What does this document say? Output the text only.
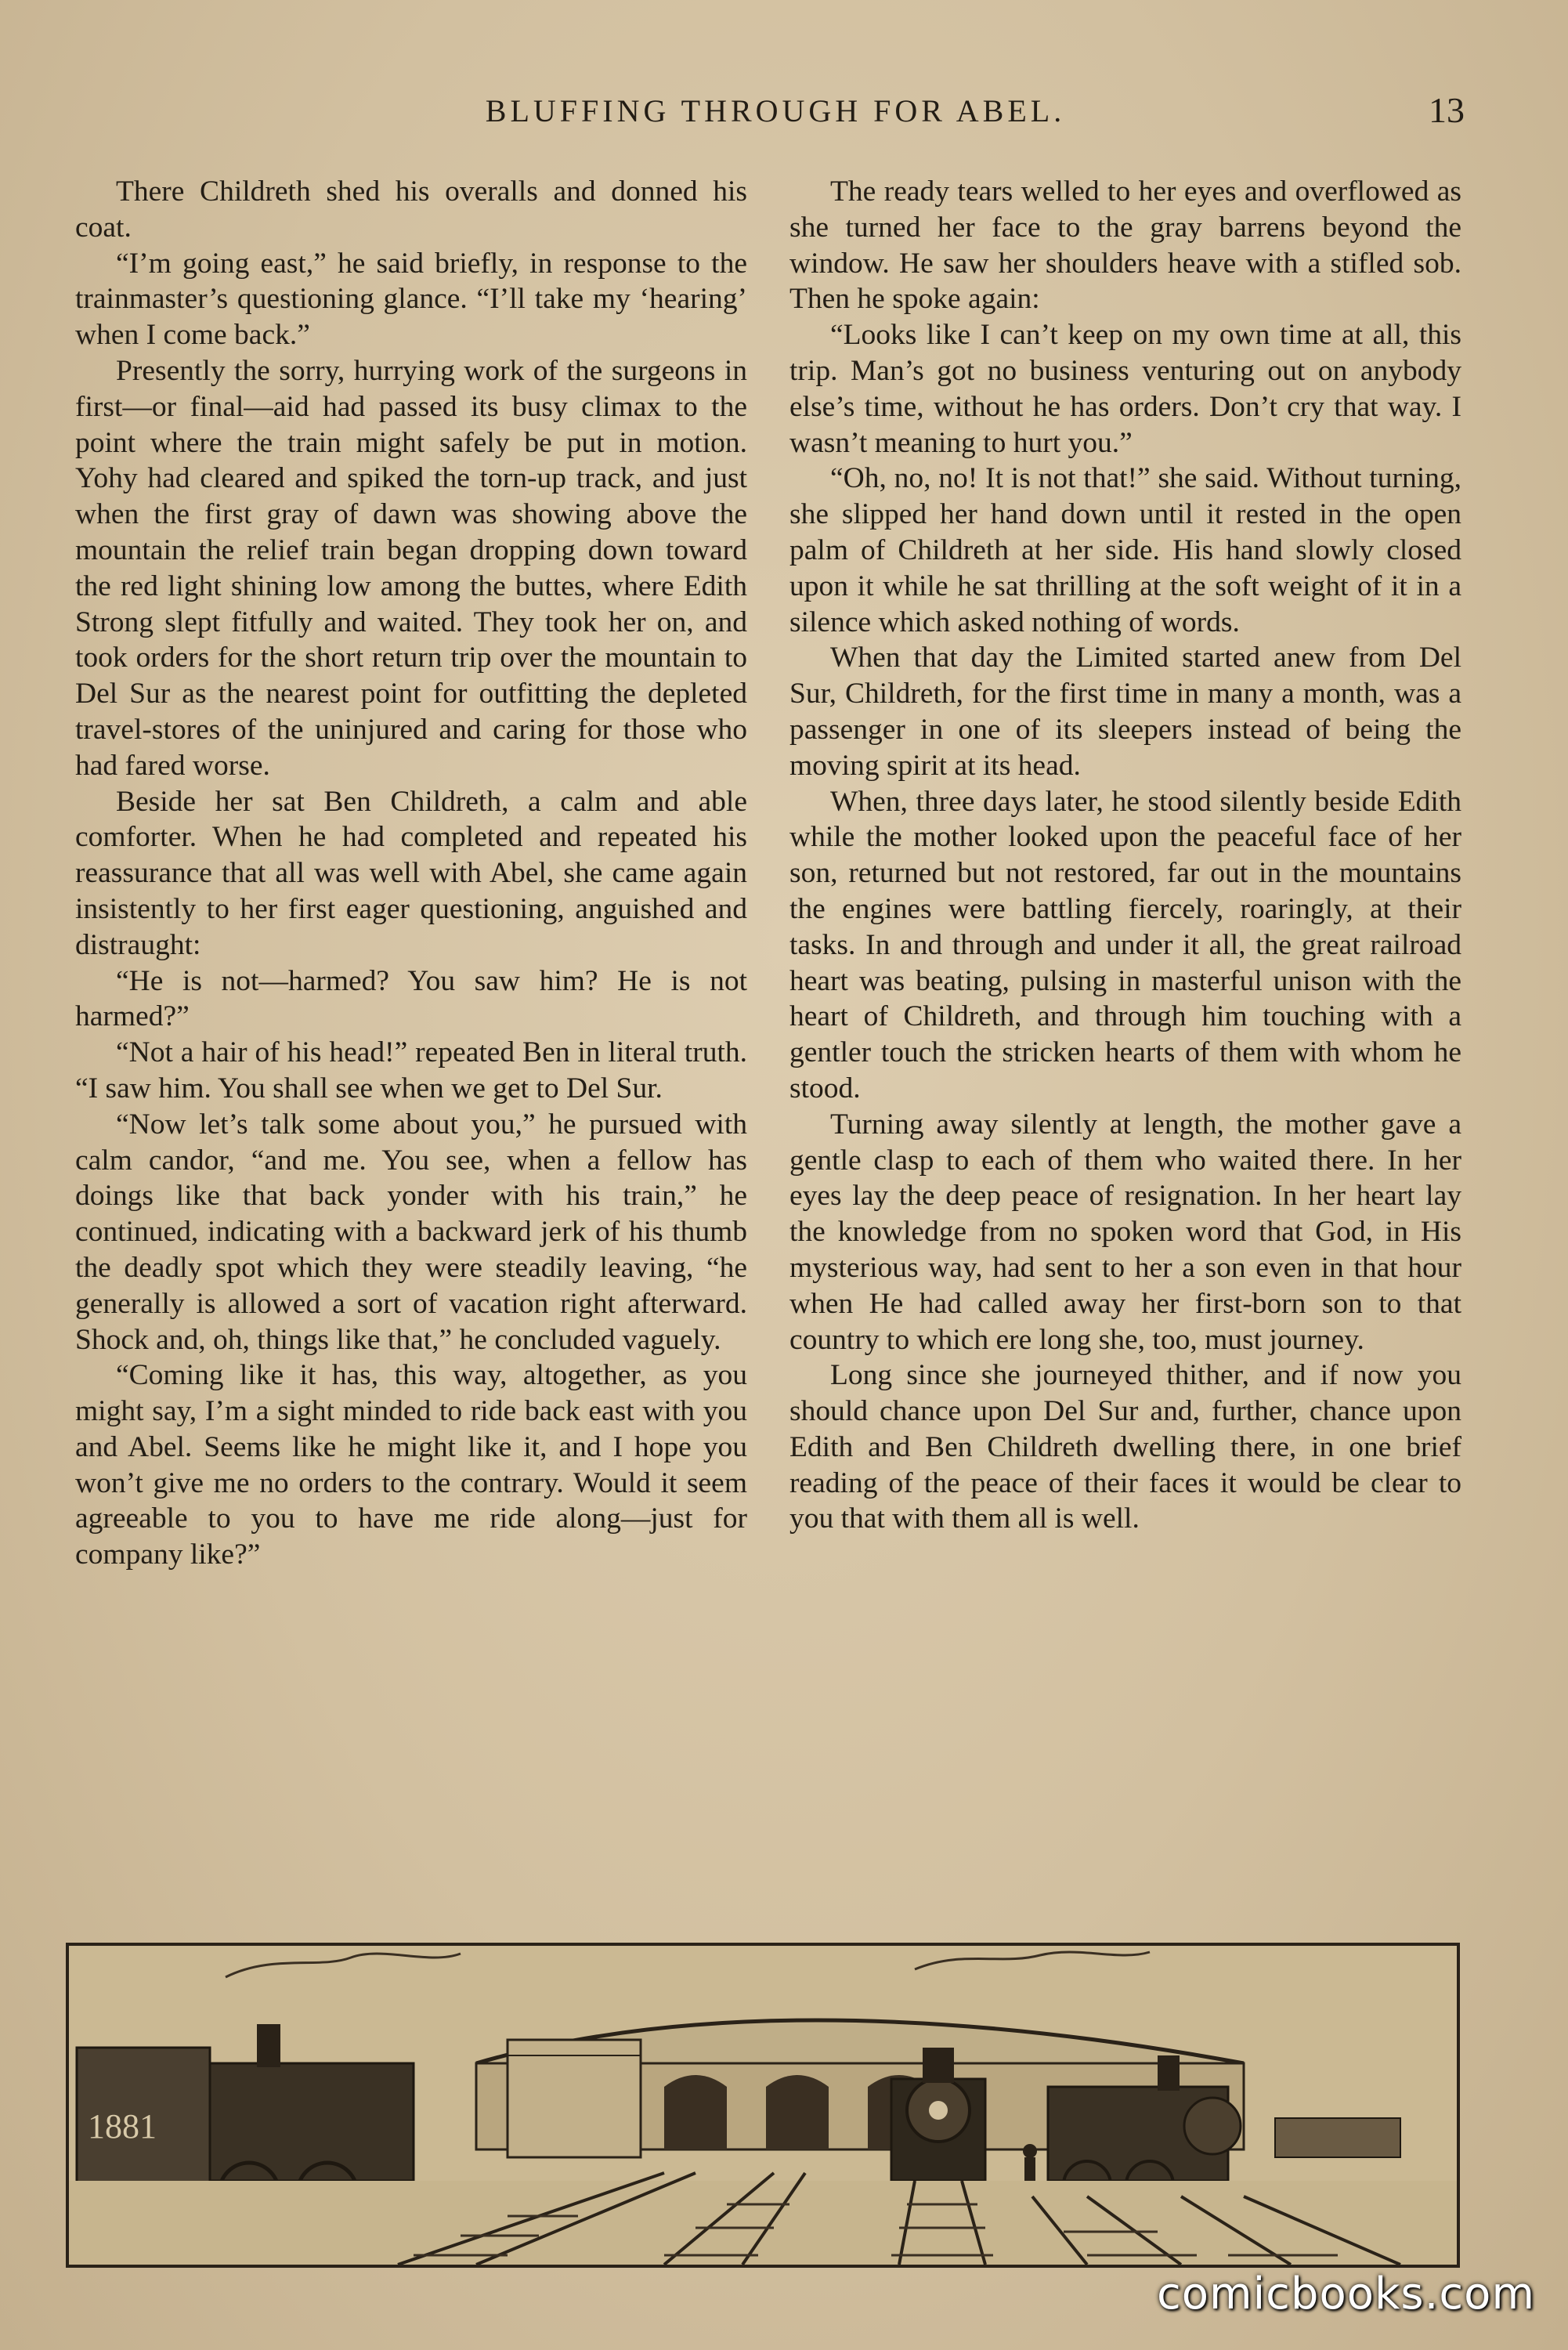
BLUFFING THROUGH FOR ABEL.	13

There Childreth shed his overalls and donned his coat.

“I’m going east,” he said briefly, in response to the trainmaster’s questioning glance. “I’ll take my ‘hearing’ when I come back.”

Presently the sorry, hurrying work of the surgeons in first—or final—aid had passed its busy climax to the point where the train might safely be put in motion. Yohy had cleared and spiked the torn-up track, and just when the first gray of dawn was showing above the mountain the relief train began dropping down toward the red light shining low among the buttes, where Edith Strong slept fitfully and waited. They took her on, and took orders for the short return trip over the mountain to Del Sur as the nearest point for outfitting the depleted travel-stores of the uninjured and caring for those who had fared worse.

Beside her sat Ben Childreth, a calm and able comforter. When he had completed and repeated his reassurance that all was well with Abel, she came again insistently to her first eager questioning, anguished and distraught:

“He is not—harmed? You saw him? He is not harmed?”

“Not a hair of his head!” repeated Ben in literal truth. “I saw him. You shall see when we get to Del Sur.

“Now let’s talk some about you,” he pursued with calm candor, “and me. You see, when a fellow has doings like that back yonder with his train,” he continued, indicating with a backward jerk of his thumb the deadly spot which they were steadily leaving, “he generally is allowed a sort of vacation right afterward. Shock and, oh, things like that,” he concluded vaguely.

“Coming like it has, this way, altogether, as you might say, I’m a sight minded to ride back east with you and Abel. Seems like he might like it, and I hope you won’t give me no orders to the contrary. Would it seem agreeable to you to have me ride along—just for company like?”

The ready tears welled to her eyes and overflowed as she turned her face to the gray barrens beyond the window. He saw her shoulders heave with a stifled sob. Then he spoke again:

“Looks like I can’t keep on my own time at all, this trip. Man’s got no business venturing out on anybody else’s time, without he has orders. Don’t cry that way. I wasn’t meaning to hurt you.”

“Oh, no, no! It is not that!” she said. Without turning, she slipped her hand down until it rested in the open palm of Childreth at her side. His hand slowly closed upon it while he sat thrilling at the soft weight of it in a silence which asked nothing of words.

When that day the Limited started anew from Del Sur, Childreth, for the first time in many a month, was a passenger in one of its sleepers instead of being the moving spirit at its head.

When, three days later, he stood silently beside Edith while the mother looked upon the peaceful face of her son, returned but not restored, far out in the mountains the engines were battling fiercely, roaringly, at their tasks. In and through and under it all, the great railroad heart was beating, pulsing in masterful unison with the heart of Childreth, and through him touching with a gentler touch the stricken hearts of them with whom he stood.

Turning away silently at length, the mother gave a gentle clasp to each of them who waited there. In her eyes lay the deep peace of resignation. In her heart lay the knowledge from no spoken word that God, in His mysterious way, had sent to her a son even in that hour when He had called away her first-born son to that country to which ere long she, too, must journey.

Long since she journeyed thither, and if now you should chance upon Del Sur and, further, chance upon Edith and Ben Childreth dwelling there, in one brief reading of the peace of their faces it would be clear to you that with them all is well.

1881
comicbooks.com
